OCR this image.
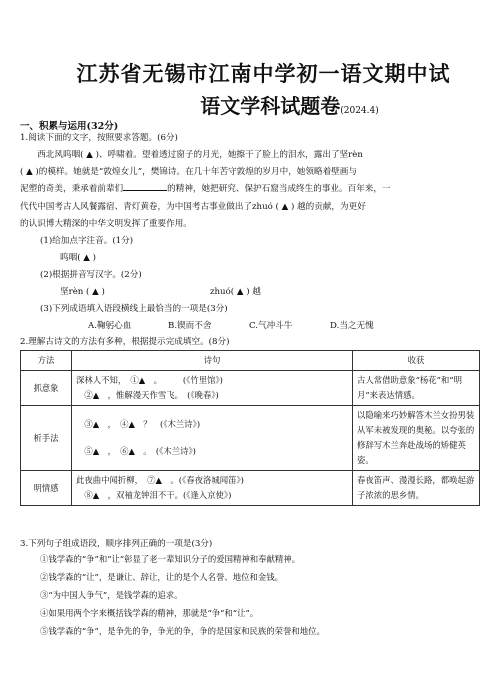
江苏省无锡市江南中学初一语文期中试
语文学科试题卷(2024.4)
一、积累与运用(32分)
1.阅读下面的文字，按照要求答题。(6分)

西北风呜咽( ▲ )、呼啸着。望着透过窗子的月光，她擦干了脸上的泪水，露出了坚rèn

( ▲ )的模样。她就是“敦煌女儿”，樊锦诗。在几十年苦守敦煌的岁月中，她领略着壁画与
泥塑的奇美，秉承着前辈们	的精神，她把研究、保护石窟当成终生的事业。百年来，一
代代中国考古人风餐露宿、青灯黄卷，为中国考古事业做出了zhuó ( ▲ ) 越的贡献，为更好
的认识博大精深的中华文明发挥了重要作用。
(1)给加点字注音。(1分)
呜咽( ▲ )
(2)根据拼音写汉字。(2分)
坚rèn ( ▲ )	zhuó( ▲ ) 越
(3)下列成语填入语段横线上最恰当的一项是(3分)
A.鞠躬心血	B.锲而不舍	C.气冲斗牛	D.当之无愧
2.理解古诗文的方法有多种，根据提示完成填空。(8分)
方法	诗句	收获
抓意象	深林人不知，　①▲　。　　　(《竹里馆》)
　②▲　，惟解漫天作雪飞。　(《晚春》)	古人常借助意象“杨花”和“明月”来表达情感。
析手法	　③▲　，　④▲　？　(《木兰诗》)
　⑤▲　，　⑥▲　。　(《木兰诗》)	以隐喻来巧妙解答木兰女扮男装从军未被发现的奥秘。以夸张的修辞写木兰奔赴战场的矫健英姿。
明情感	此夜曲中闻折柳，　⑦▲　。(《春夜洛城闻笛》)
　⑧▲　，双袖龙钟泪不干。(《逢入京使》)	春夜笛声、漫漫长路，都唤起游子浓浓的思乡情。
3.下列句子组成语段，顺序排列正确的一项是(3分)
①钱学森的“争”和“让”彰显了老一辈知识分子的爱国精神和奉献精神。
②钱学森的“让”，是谦让、辞让，让的是个人名誉、地位和金钱。
③“为中国人争气”，是钱学森的追求。
④如果用两个字来概括钱学森的精神，那就是“争”和“让”。
⑤钱学森的“争”，是争先的争，争光的争，争的是国家和民族的荣誉和地位。
